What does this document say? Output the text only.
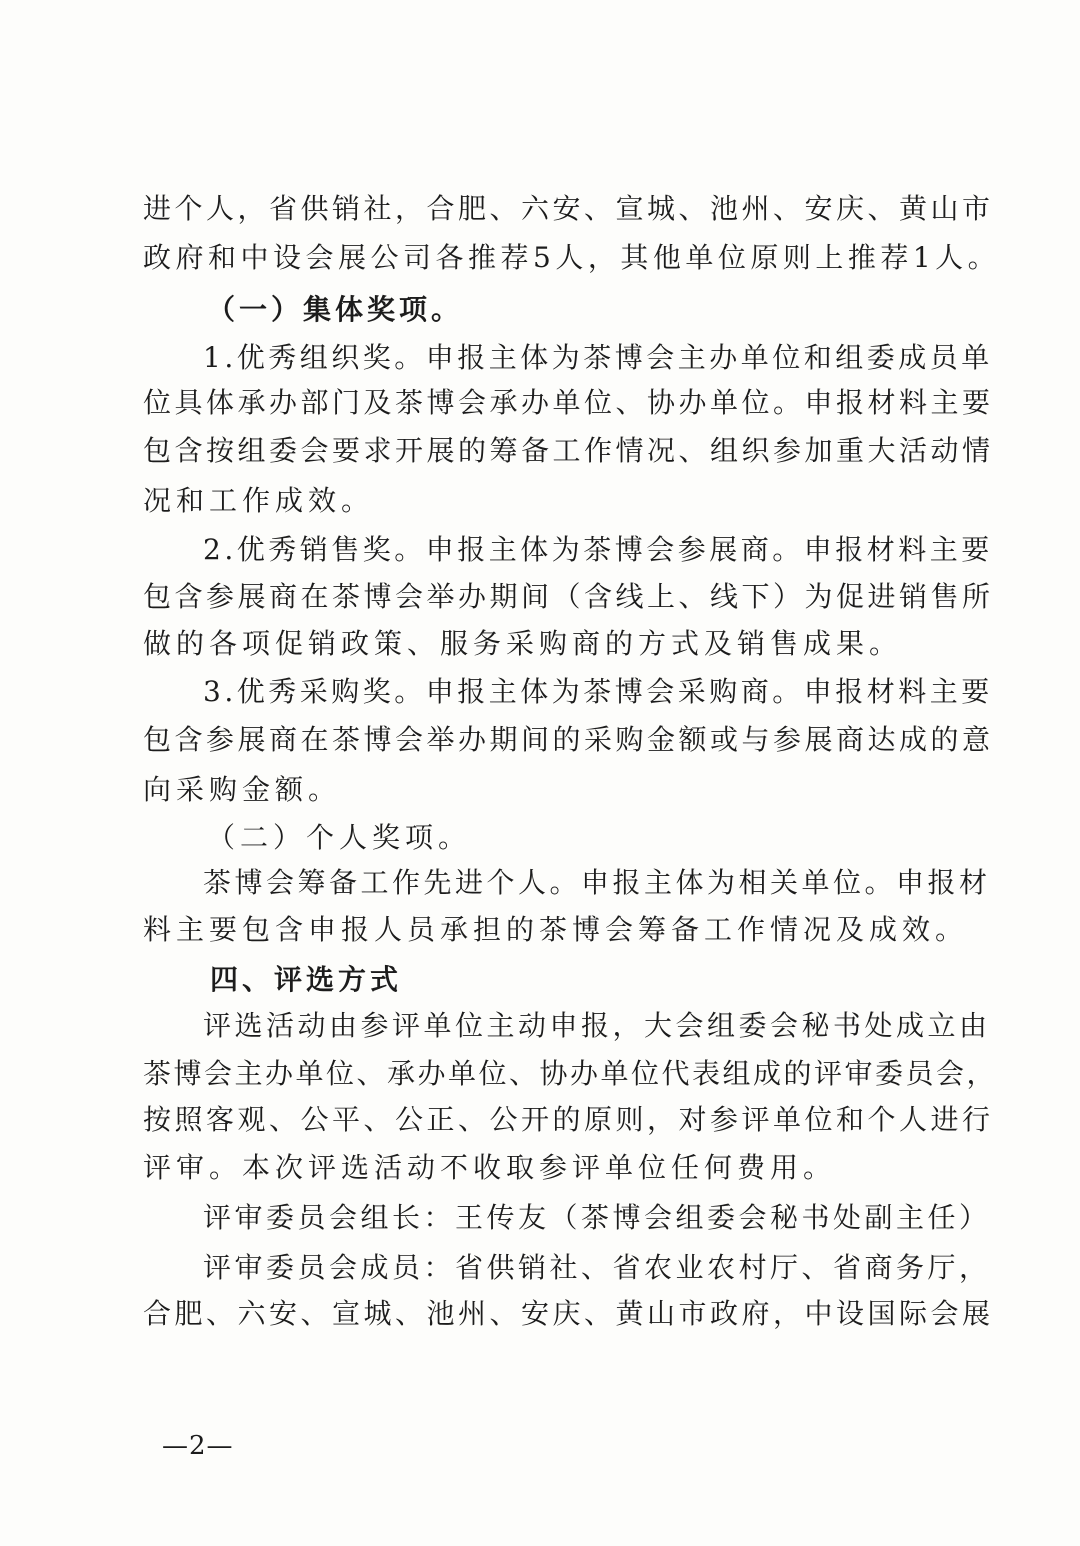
进个人，省供销社，合肥、六安、宣城、池州、安庆、黄山市
政府和中设会展公司各推荐5人，其他单位原则上推荐1人。
（一）集体奖项。
1.优秀组织奖。申报主体为茶博会主办单位和组委成员单
位具体承办部门及茶博会承办单位、协办单位。申报材料主要
包含按组委会要求开展的筹备工作情况、组织参加重大活动情
况和工作成效。
2.优秀销售奖。申报主体为茶博会参展商。申报材料主要
包含参展商在茶博会举办期间（含线上、线下）为促进销售所
做的各项促销政策、服务采购商的方式及销售成果。
3.优秀采购奖。申报主体为茶博会采购商。申报材料主要
包含参展商在茶博会举办期间的采购金额或与参展商达成的意
向采购金额。
（二）个人奖项。
茶博会筹备工作先进个人。申报主体为相关单位。申报材
料主要包含申报人员承担的茶博会筹备工作情况及成效。
四、评选方式
评选活动由参评单位主动申报，大会组委会秘书处成立由
茶博会主办单位、承办单位、协办单位代表组成的评审委员会，
按照客观、公平、公正、公开的原则，对参评单位和个人进行
评审。本次评选活动不收取参评单位任何费用。
评审委员会组长：王传友（茶博会组委会秘书处副主任）
评审委员会成员：省供销社、省农业农村厅、省商务厅，
合肥、六安、宣城、池州、安庆、黄山市政府，中设国际会展
—2—
